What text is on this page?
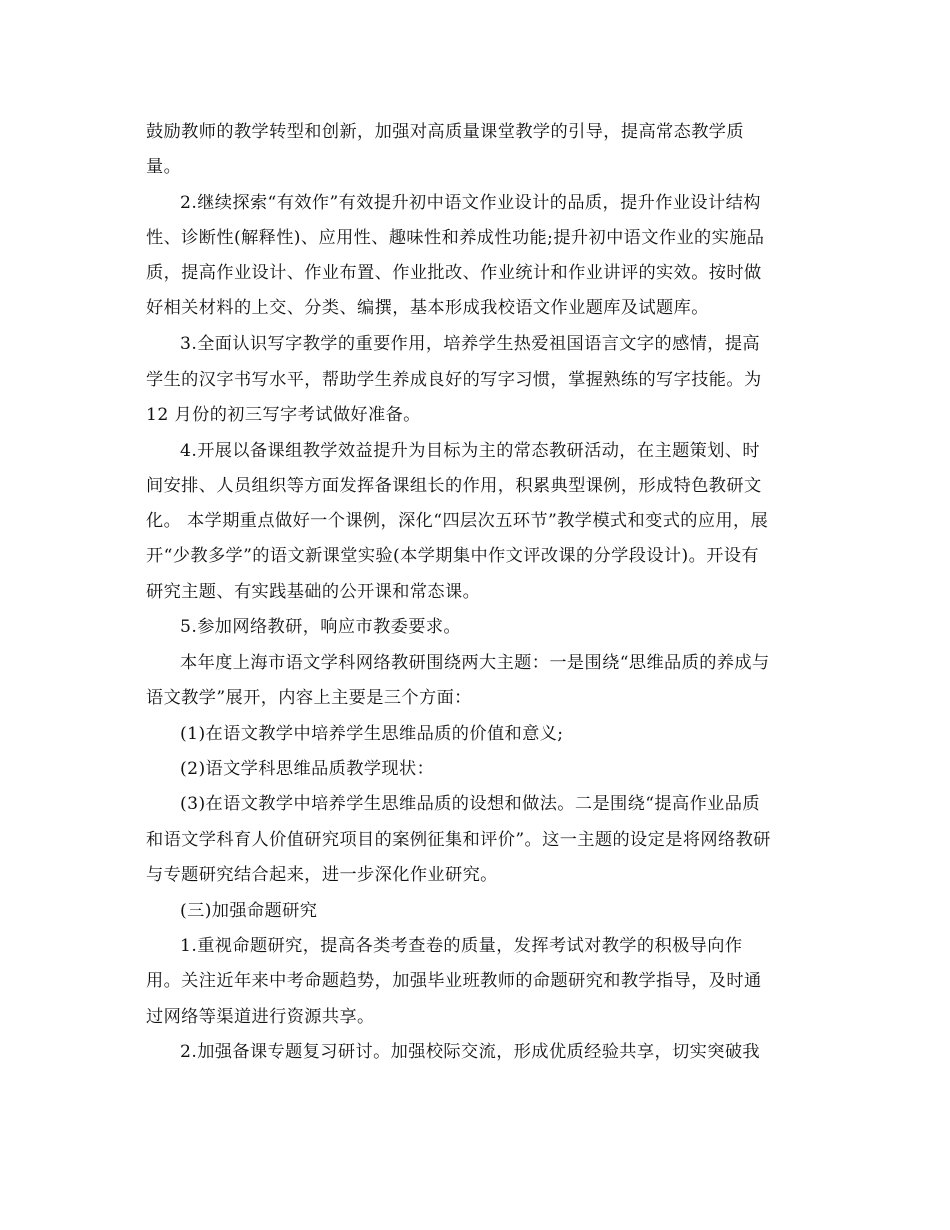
鼓励教师的教学转型和创新，加强对高质量课堂教学的引导，提高常态教学质

量。

2.继续探索“有效作”有效提升初中语文作业设计的品质，提升作业设计结构

性、诊断性(解释性)、应用性、趣味性和养成性功能;提升初中语文作业的实施品

质，提高作业设计、作业布置、作业批改、作业统计和作业讲评的实效。按时做

好相关材料的上交、分类、编撰，基本形成我校语文作业题库及试题库。

3.全面认识写字教学的重要作用，培养学生热爱祖国语言文字的感情，提高

学生的汉字书写水平，帮助学生养成良好的写字习惯，掌握熟练的写字技能。为

12 月份的初三写字考试做好准备。

4.开展以备课组教学效益提升为目标为主的常态教研活动，在主题策划、时

间安排、人员组织等方面发挥备课组长的作用，积累典型课例，形成特色教研文

化。 本学期重点做好一个课例，深化“四层次五环节”教学模式和变式的应用，展

开“少教多学”的语文新课堂实验(本学期集中作文评改课的分学段设计)。开设有

研究主题、有实践基础的公开课和常态课。

5.参加网络教研，响应市教委要求。

本年度上海市语文学科网络教研围绕两大主题：一是围绕“思维品质的养成与

语文教学”展开，内容上主要是三个方面：

(1)在语文教学中培养学生思维品质的价值和意义;

(2)语文学科思维品质教学现状：

(3)在语文教学中培养学生思维品质的设想和做法。二是围绕“提高作业品质

和语文学科育人价值研究项目的案例征集和评价”。这一主题的设定是将网络教研

与专题研究结合起来，进一步深化作业研究。

(三)加强命题研究

1.重视命题研究，提高各类考查卷的质量，发挥考试对教学的积极导向作

用。关注近年来中考命题趋势，加强毕业班教师的命题研究和教学指导，及时通

过网络等渠道进行资源共享。

2.加强备课专题复习研讨。加强校际交流，形成优质经验共享，切实突破我
